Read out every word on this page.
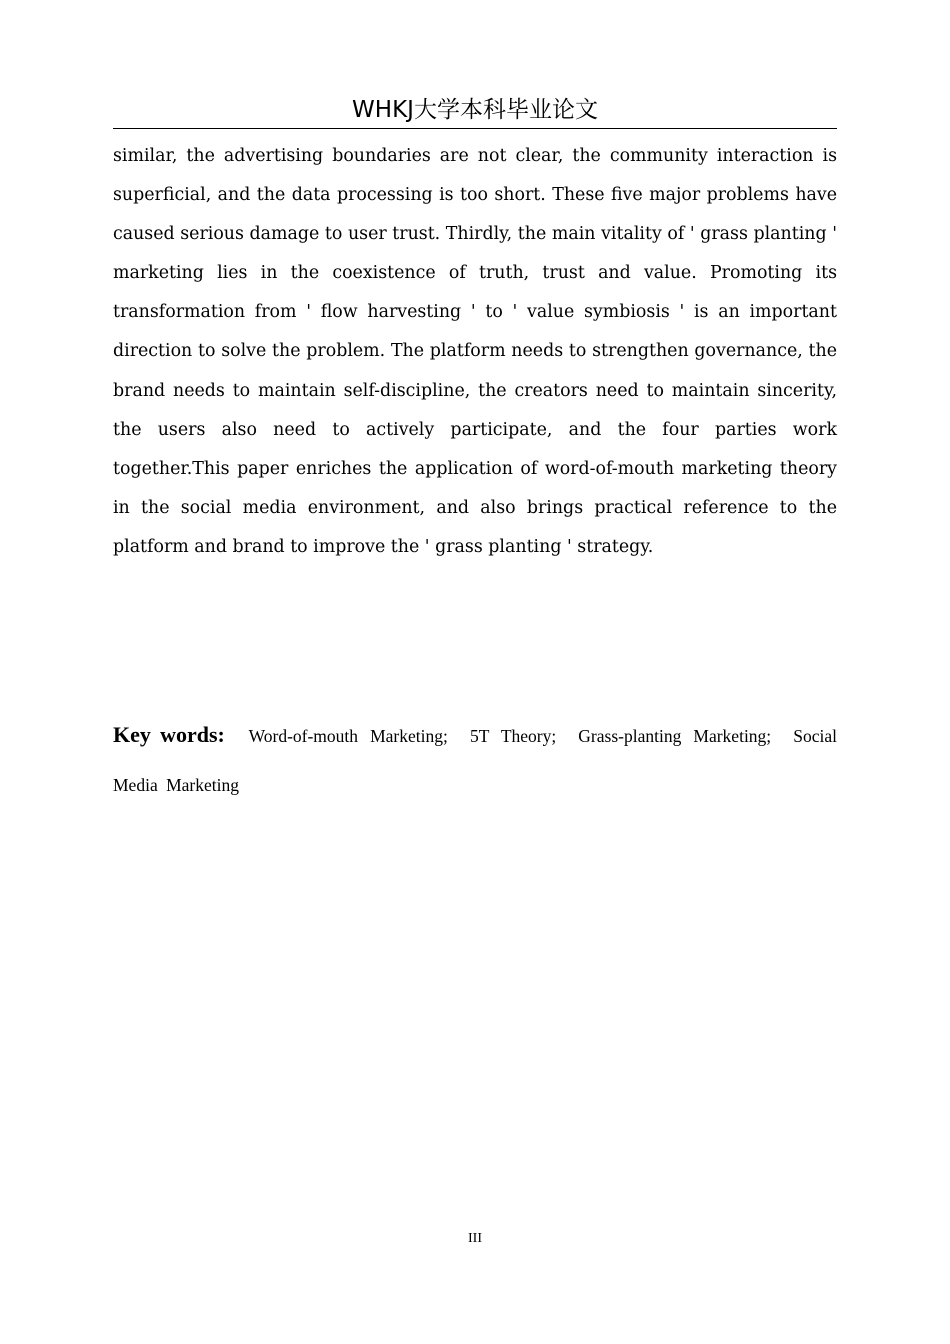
WHKJ大学本科毕业论文

similar, the advertising boundaries are not clear, the community interaction is superficial, and the data processing is too short. These five major problems have caused serious damage to user trust. Thirdly, the main vitality of ' grass planting ' marketing lies in the coexistence of truth, trust and value. Promoting its transformation from ' flow harvesting ' to ' value symbiosis ' is an important direction to solve the problem. The platform needs to strengthen governance, the brand needs to maintain self-discipline, the creators need to maintain sincerity, the users also need to actively participate, and the four parties work together.This paper enriches the application of word-of-mouth marketing theory in the social media environment, and also brings practical reference to the platform and brand to improve the ' grass planting ' strategy.

Key words: Word-of-mouth Marketing; 5T Theory; Grass-planting Marketing; Social Media Marketing

III
